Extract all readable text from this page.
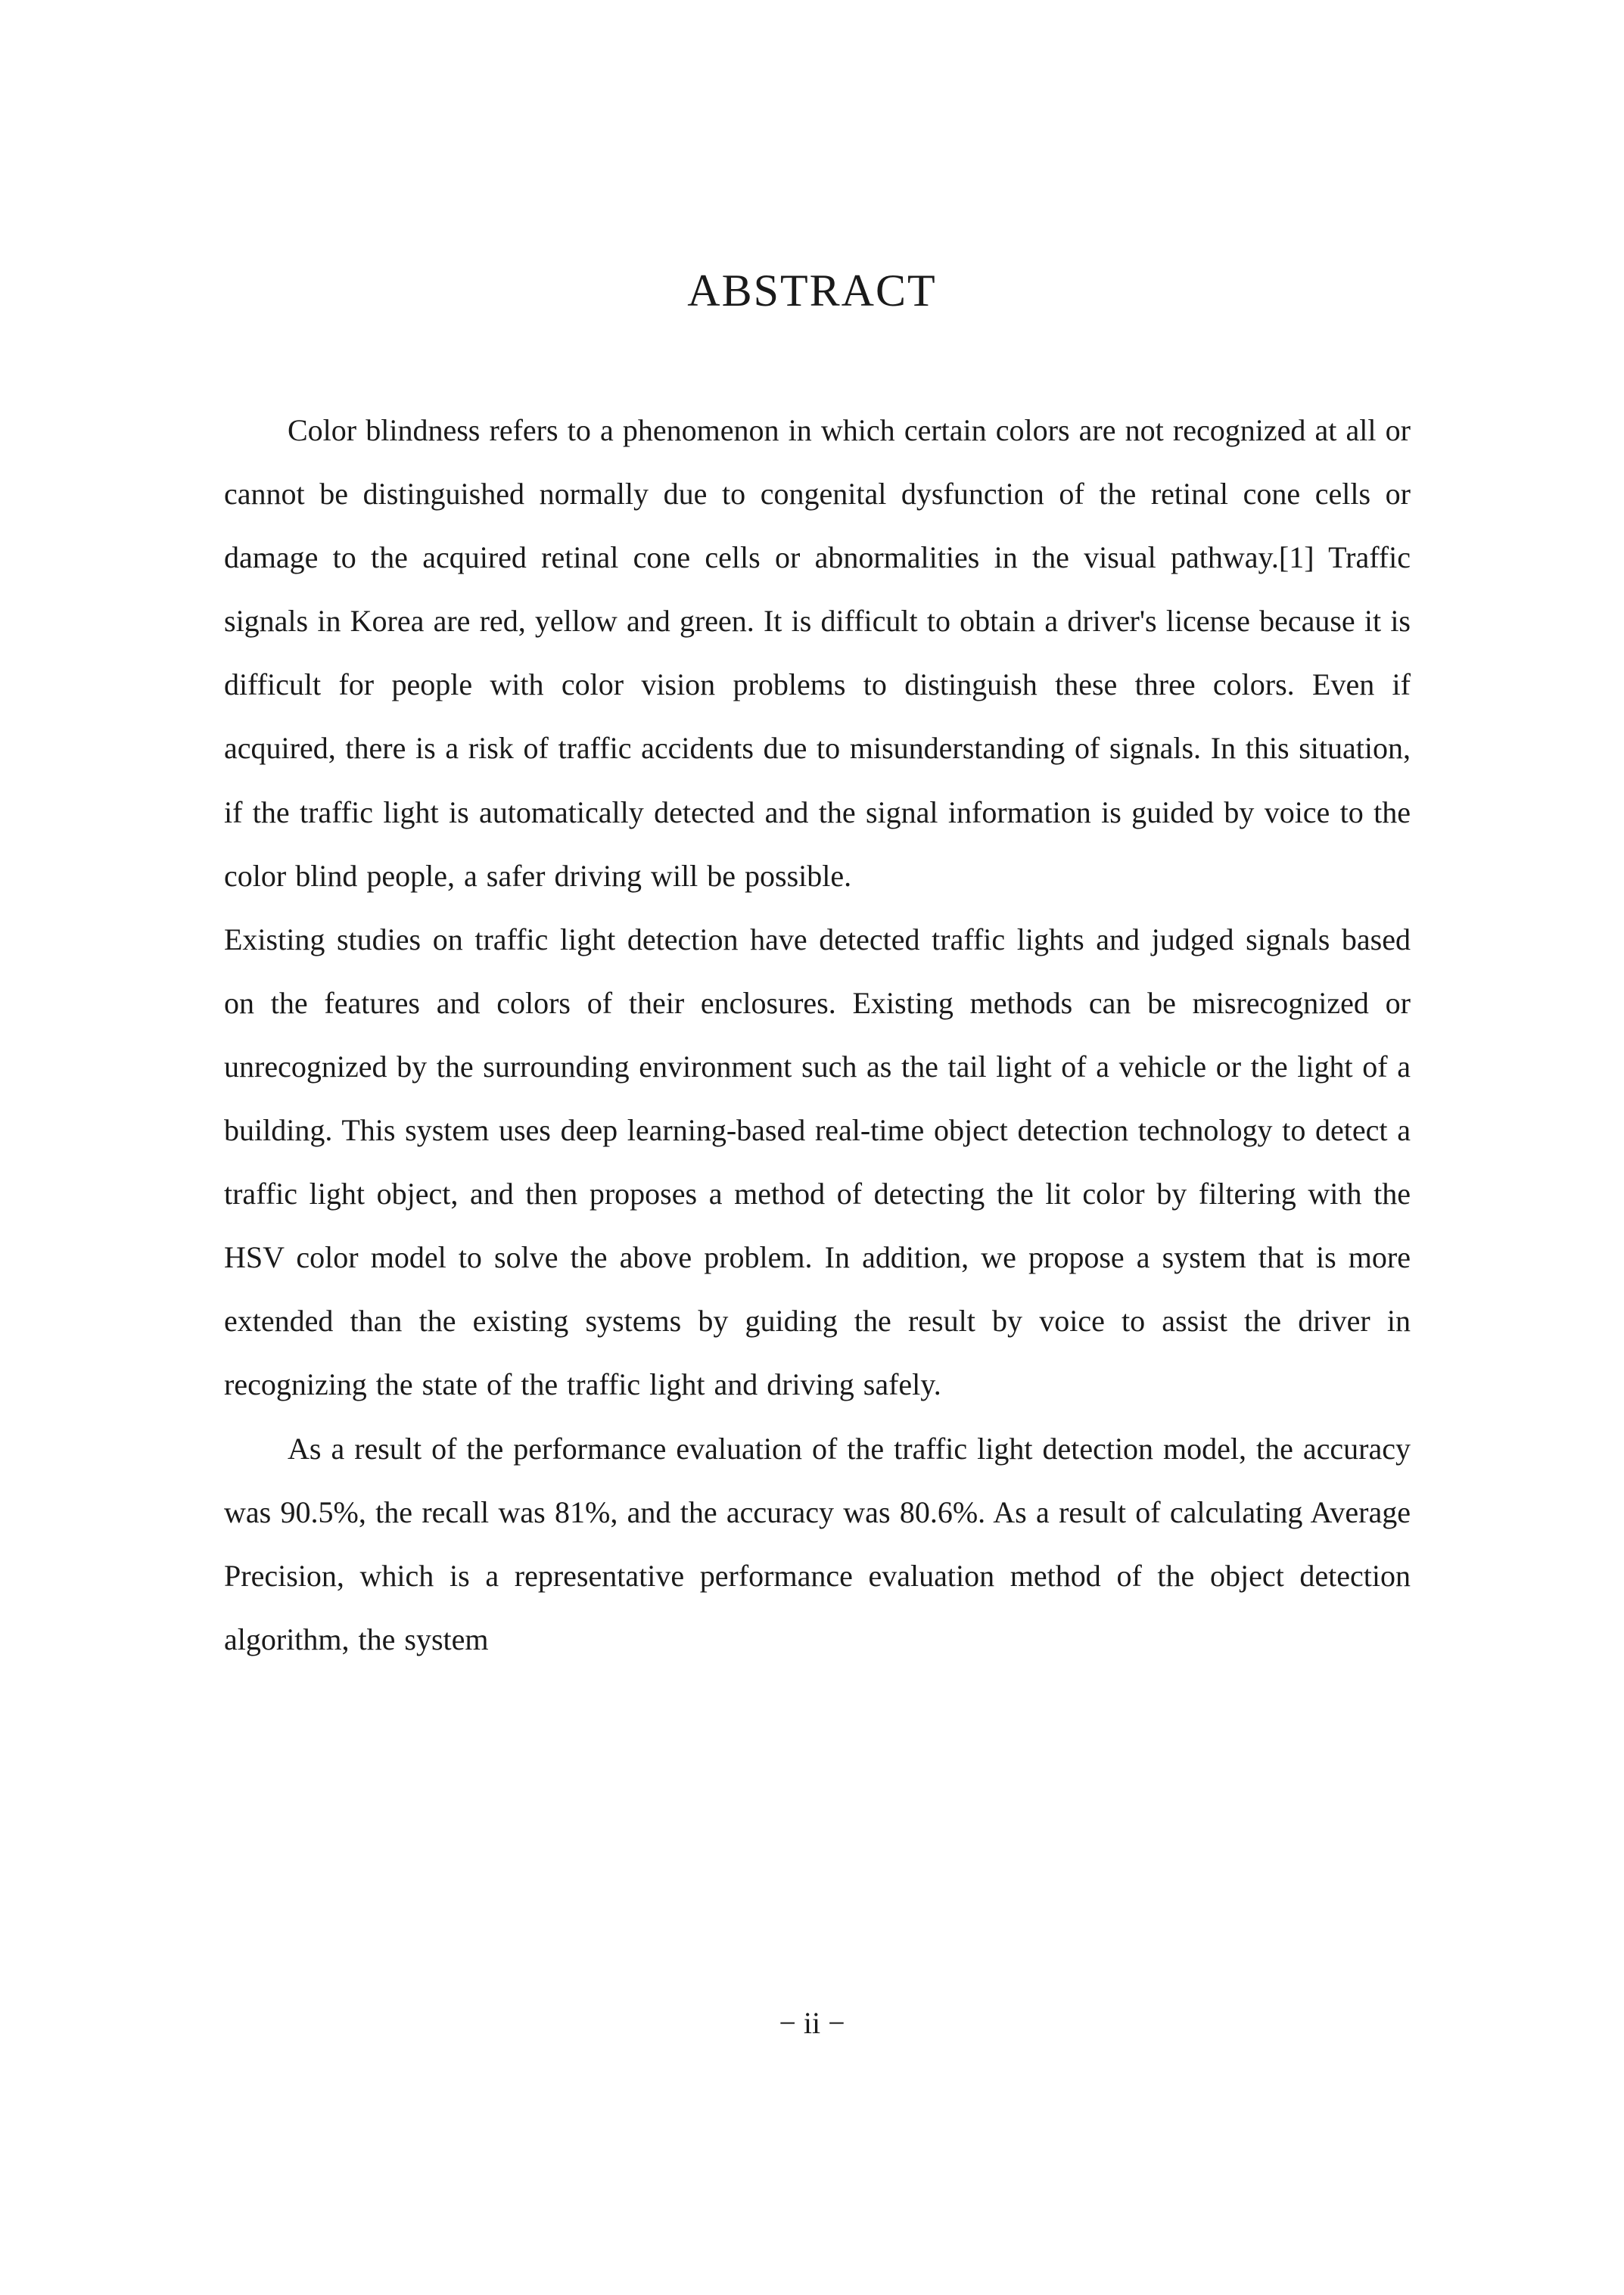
ABSTRACT

Color blindness refers to a phenomenon in which certain colors are not recognized at all or cannot be distinguished normally due to congenital dysfunction of the retinal cone cells or damage to the acquired retinal cone cells or abnormalities in the visual pathway.[1] Traffic signals in Korea are red, yellow and green. It is difficult to obtain a driver's license because it is difficult for people with color vision problems to distinguish these three colors. Even if acquired, there is a risk of traffic accidents due to misunderstanding of signals. In this situation, if the traffic light is automatically detected and the signal information is guided by voice to the color blind people, a safer driving will be possible.

Existing studies on traffic light detection have detected traffic lights and judged signals based on the features and colors of their enclosures. Existing methods can be misrecognized or unrecognized by the surrounding environment such as the tail light of a vehicle or the light of a building. This system uses deep learning-based real-time object detection technology to detect a traffic light object, and then proposes a method of detecting the lit color by filtering with the HSV color model to solve the above problem. In addition, we propose a system that is more extended than the existing systems by guiding the result by voice to assist the driver in recognizing the state of the traffic light and driving safely.

As a result of the performance evaluation of the traffic light detection model, the accuracy was 90.5%, the recall was 81%, and the accuracy was 80.6%. As a result of calculating Average Precision, which is a representative performance evaluation method of the object detection algorithm, the system

− ii −
